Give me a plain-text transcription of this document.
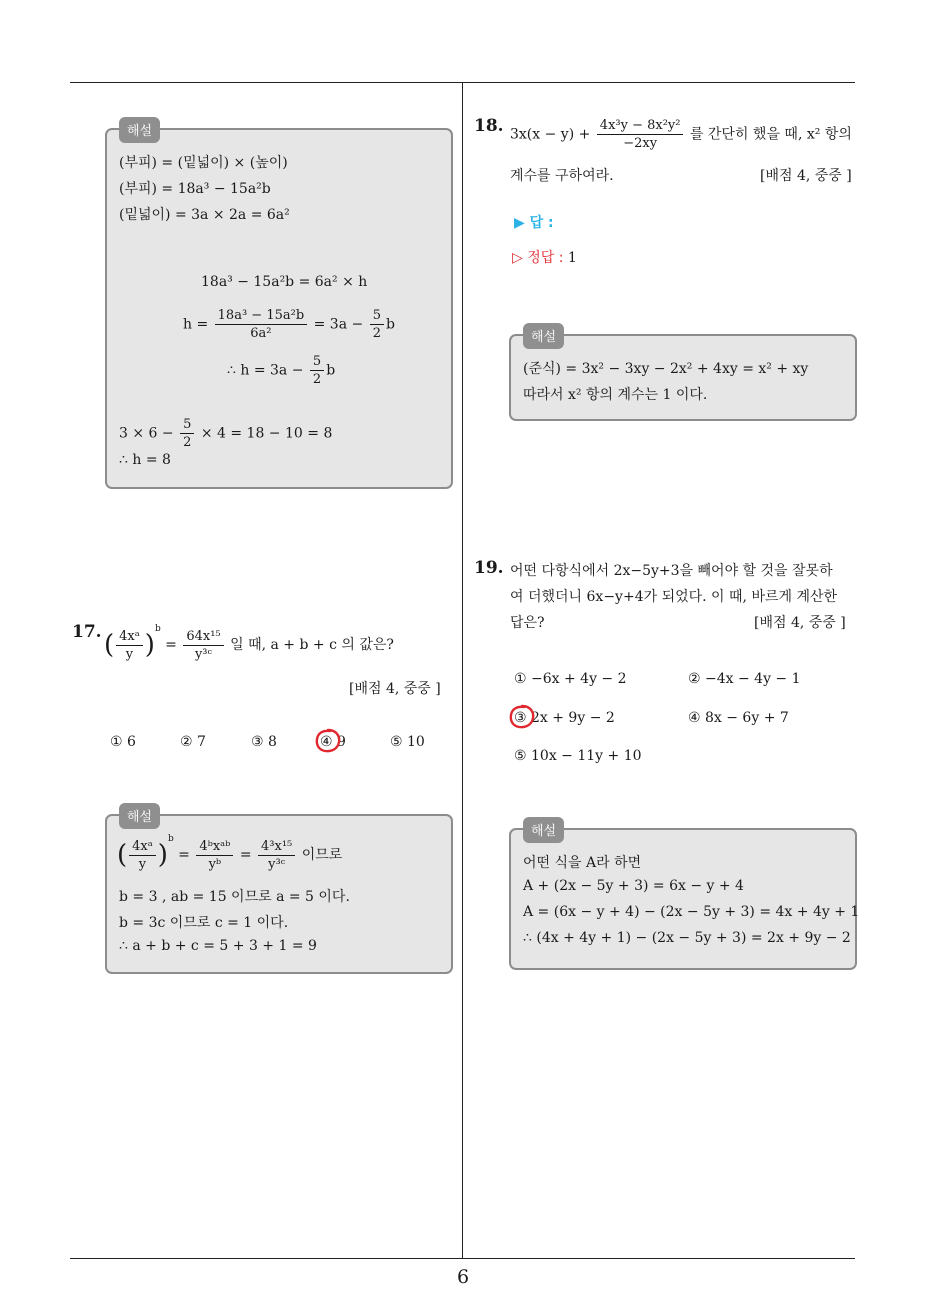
해설
(부피) = (밑넓이) × (높이)
(부피) = 18a³ − 15a²b
(밑넓이) = 3a × 2a = 6a²
18a³ − 15a²b = 6a² × h
$h = \frac{\text{18a³ − 15a²b}}{\text{6a²}} = 3a - \frac{5}{2}$ b
∴ $h = 3a - \frac{5}{2}$ b
$3 \times 6 - \frac{5}{2} \times 4 = 18 - 10 = 8$
∴ h = 8
17. ( $\frac{\text{4xᵃ}}{y} )^b = \frac{\text{64x¹⁵}}{\text{y³ᶜ}}$ 일 때, a + b + c 의 값은?
[배점 4, 중중 ]
① 6	② 7	③ 8	④ 9	⑤ 10
해설
( $\frac{\text{4xᵃ}}{y} )^b = \frac{\text{4ᵇxᵃᵇ}}{\text{yᵇ}} = \frac{\text{4³x¹⁵}}{\text{y³ᶜ}}$ 이므로
b = 3 , ab = 15 이므로 a = 5 이다.
b = 3c 이므로 c = 1 이다.
∴ a + b + c = 5 + 3 + 1 = 9
18. $3x(x - y) + \frac{\text{4x³y − 8x²y²}}{-2xy}$ 를 간단히 했을 때, x² 항의
계수를 구하여라.	[배점 4, 중중 ]
▶ 답 :
▷ 정답 : 1
해설
(준식) = 3x² − 3xy − 2x² + 4xy = x² + xy
따라서 x² 항의 계수는 1 이다.
19. 어떤 다항식에서 2x−5y+3을 빼어야 할 것을 잘못하
여 더했더니 6x−y+4가 되었다. 이 때, 바르게 계산한
답은?	[배점 4, 중중 ]
① −6x + 4y − 2	② −4x − 4y − 1
③ 2x + 9y − 2	④ 8x − 6y + 7
⑤ 10x − 11y + 10
해설
어떤 식을 A라 하면
A + (2x − 5y + 3) = 6x − y + 4
A = (6x − y + 4) − (2x − 5y + 3) = 4x + 4y + 1
∴ (4x + 4y + 1) − (2x − 5y + 3) = 2x + 9y − 2
6
